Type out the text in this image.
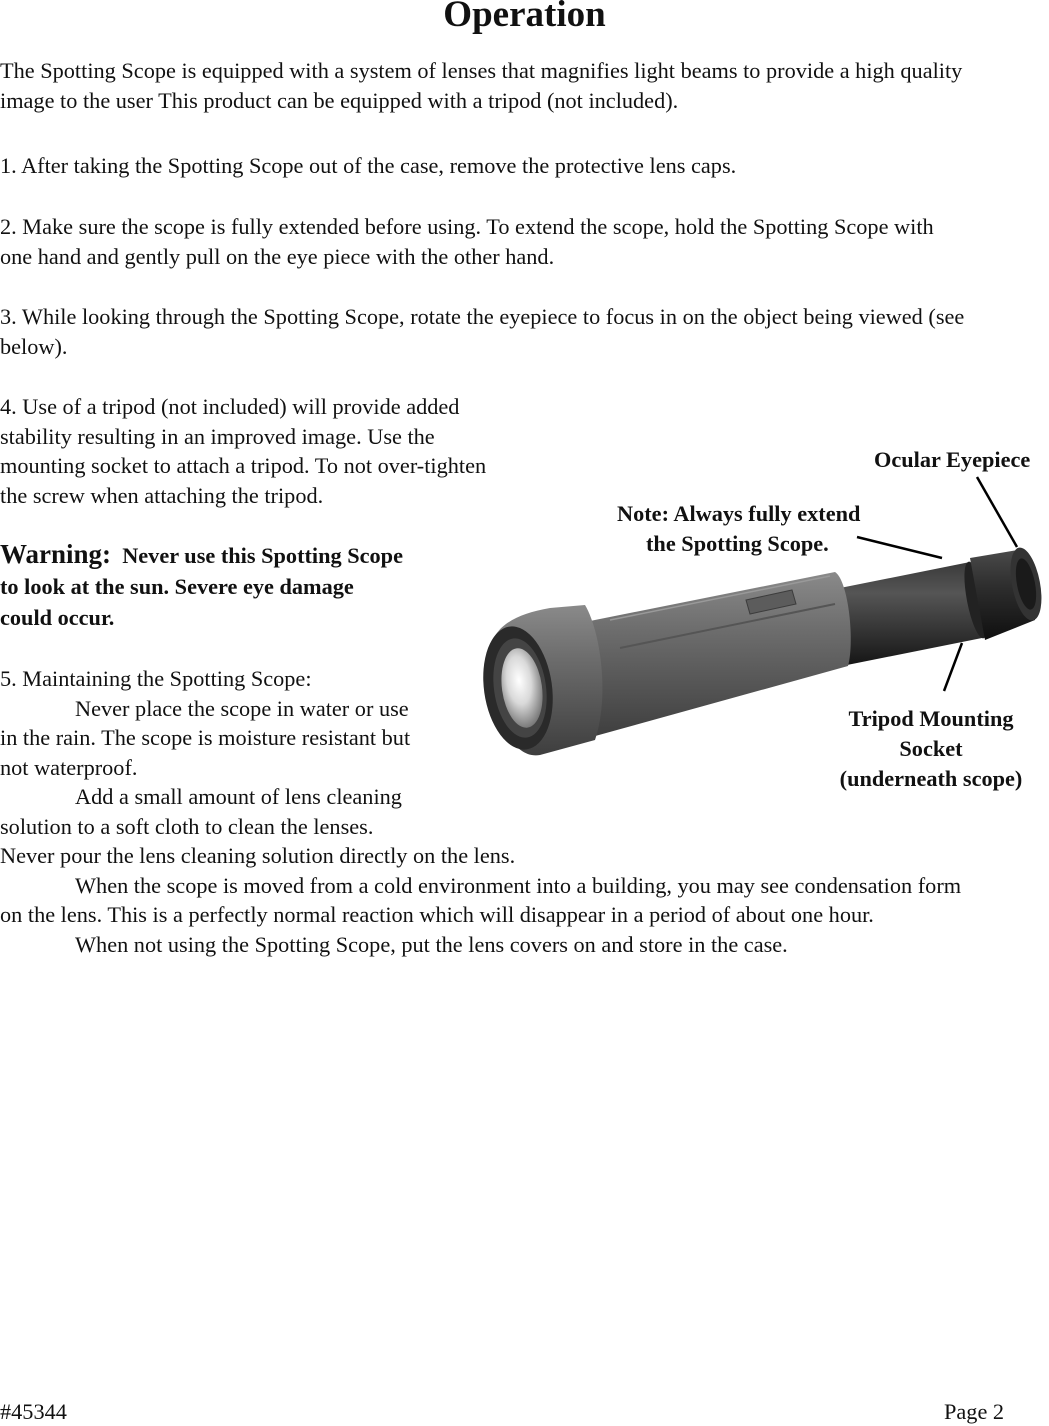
Operation
The Spotting Scope is equipped with a system of lenses that magnifies light beams to provide a high quality
image to the user This product can be equipped with a tripod (not included).
1. After taking the Spotting Scope out of the case, remove the protective lens caps.
2. Make sure the scope is fully extended before using. To extend the scope, hold the Spotting Scope with
one hand and gently pull on the eye piece with the other hand.
3. While looking through the Spotting Scope, rotate the eyepiece to focus in on the object being viewed (see
below).
4. Use of a tripod (not included) will provide added
stability resulting in an improved image. Use the
mounting socket to attach a tripod. To not over-tighten
the screw when attaching the tripod.
Warning: Never use this Spotting Scope
to look at the sun. Severe eye damage
could occur.
5. Maintaining the Spotting Scope:
Never place the scope in water or use
in the rain. The scope is moisture resistant but
not waterproof.
Add a small amount of lens cleaning
solution to a soft cloth to clean the lenses.
Never pour the lens cleaning solution directly on the lens.
When the scope is moved from a cold environment into a building, you may see condensation form
on the lens. This is a perfectly normal reaction which will disappear in a period of about one hour.
When not using the Spotting Scope, put the lens covers on and store in the case.
Ocular Eyepiece
Note: Always fully extend
the Spotting Scope.
Tripod Mounting
Socket
(underneath scope)
#45344	Page 2
